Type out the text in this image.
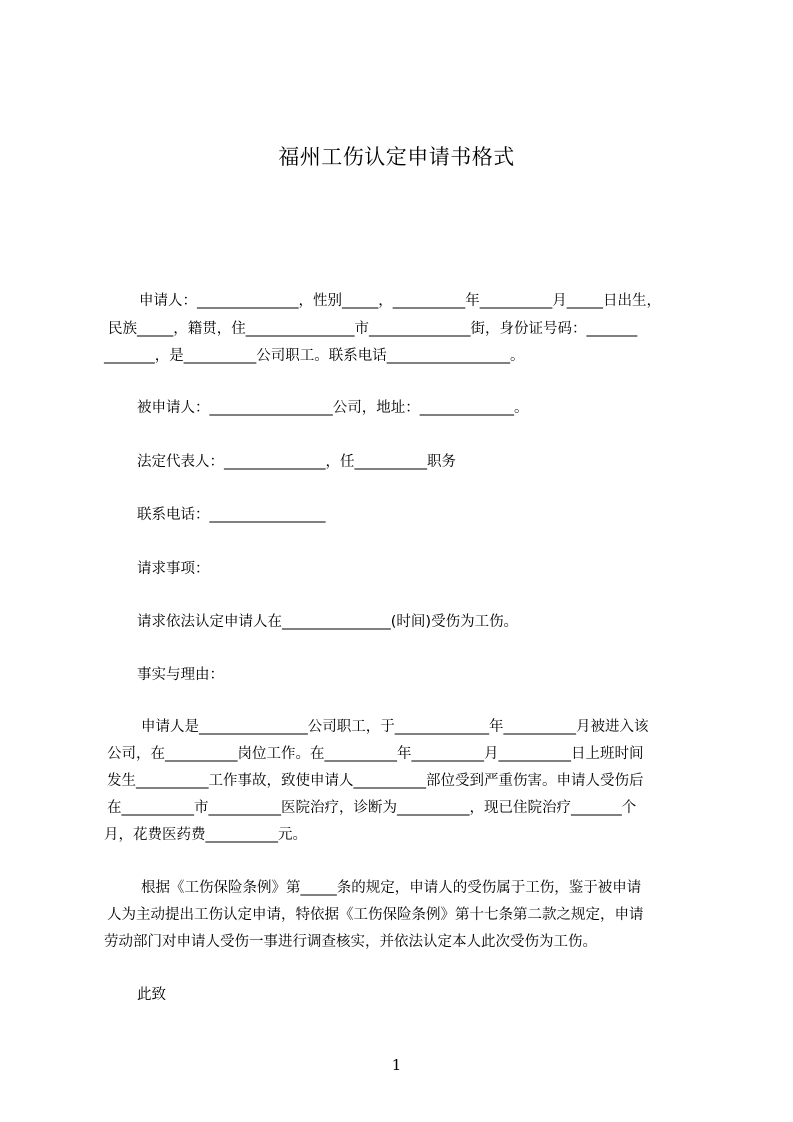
福州工伤认定申请书格式
申请人：______________，性别_____，__________年__________月_____日出生，
民族_____，籍贯，住_______________市______________街，身份证号码：_______
_______，是__________公司职工。联系电话_________________。
被申请人：_________________公司，地址：_____________。
法定代表人：______________，任__________职务
联系电话：________________
请求事项：
请求依法认定申请人在_______________(时间)受伤为工伤。
事实与理由：
申请人是_______________公司职工，于_____________年__________月被进入该
公司，在__________岗位工作。在__________年__________月__________日上班时间
发生__________工作事故，致使申请人__________部位受到严重伤害。申请人受伤后
在__________市__________医院治疗，诊断为__________，现已住院治疗_______个
月，花费医药费__________元。
根据《工伤保险条例》第_____条的规定，申请人的受伤属于工伤，鉴于被申请
人为主动提出工伤认定申请，特依据《工伤保险条例》第十七条第二款之规定，申请
劳动部门对申请人受伤一事进行调查核实，并依法认定本人此次受伤为工伤。
此致
1
